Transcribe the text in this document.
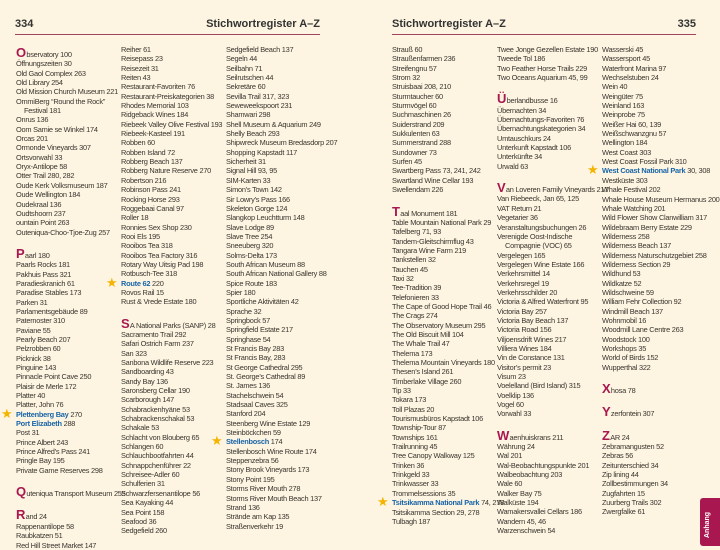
334	Stichwortregister A–Z	Stichwortregister A–Z	335
Observatory 100
Öffnungszeiten 30
Old Gaol Complex 263
Old Library 254
Old Mission Church Museum 221
OmmiBerg “Round the Rock”
Festival 181
Onrus 136
Oom Samie se Winkel 174
Orcas 201
Ormonde Vineyards 307
Ortsvorwahl 33
Oryx-Antilope 58
Otter Trail 280, 282
Oude Kerk Volksmuseum 187
Oude Wellington 184
Oudekraal 136
Oudtshoorn 237
ountain Point 263
Outeniqua-Choo-Tjoe-Zug 257
Paarl 180
Paarls Rocks 181
Pakhuis Pass 321
Paradieskranich 61
Paradise Stables 173
Parken 31
Parlamentsgebäude 89
Paternoster 310
Paviane 55
Pearly Beach 207
Pelzrobben 60
Picknick 38
Pinguine 143
Pinnacle Point Cave 250
Plaisir de Merle 172
Platter 40
Platter, John 76
★ Plettenberg Bay 270
Port Elizabeth 288
Post 31
Prince Albert 243
Prince Alfred’s Pass 241
Pringle Bay 195
Private Game Reserves 298
Quteniqua Transport Museum 255
Rand 24
Rappenantilope 58
Raubkatzen 51
Red Hill Street Market 147
Reiher 61
Reisepass 23
Reisezeit 31
Reiten 43
Restaurant-Favoriten 76
Restaurant-Preiskategorien 38
Rhodes Memorial 103
Ridgeback Wines 184
Riebeek Valley Olive Festival 193
Riebeek-Kasteel 191
Robben 60
Robben Island 72
Robberg Beach 137
Robberg Nature Reserve 270
Robertson 216
Robinson Pass 241
Rocking Horse 293
Roggebaai Canal 97
Roller 18
Ronnies Sex Shop 230
Rooi Els 195
Rooibos Tea 318
Rooibos Tea Factory 316
Rotary Way Uitsig Pad 198
Rotbusch-Tee 318
★ Route 62 220
Rovos Rail 15
Rust & Vrede Estate 180
SA National Parks (SANP) 28
Sacramento Trail 292
Safari Ostrich Farm 237
San 323
Sanbona Wildlife Reserve 223
Sandboarding 43
Sandy Bay 136
Saronsberg Cellar 190
Scarborough 147
Schabrackenhyäne 53
Schabrackenschakal 53
Schakale 53
Schlacht von Blouberg 65
Schlangen 60
Schlauchbootfahrten 44
Schnappchenführer 22
Schreisee-Adler 60
Schulferien 31
Schwarzfersenantilope 56
Sea Kayaking 44
Sea Point 158
Seafood 36
Sedgefield 260
Sedgefield Beach 137
Segeln 44
Seilbahn 71
Seilrutschen 44
Sekretäre 60
Sevilla Trail 317, 323
Seweweekspoort 231
Shamwari 298
Shell Museum & Aquarium 249
Shelly Beach 293
Shipwreck Museum Bredasdorp 207
Shopping Kapstadt 117
Sicherheit 31
Signal Hill 93, 95
SIM-Karten 33
Simon’s Town 142
Sir Lowry’s Pass 166
Skeleton Gorge 124
Slangkop Leuchtturm 148
Slave Lodge 89
Slave Tree 254
Sneeuberg 320
Solms-Delta 173
South African Museum 88
South African National Gallery 88
Spice Route 183
Spier 180
Sportliche Aktivitäten 42
Sprache 32
Springbock 57
Springfield Estate 217
Springhase 54
St Francis Bay 283
St Francis Bay, 283
St George Cathedral 295
St. George’s Cathedral 89
St. James 136
Stachelschwein 54
Stadsaal Caves 325
Stanford 204
Steenberg Wine Estate 129
Steinböckchen 59
★ Stellenbosch 174
Stellenbosch Wine Route 174
Steppenzebra 56
Stony Brook Vineyards 173
Stony Point 195
Storms River Mouth 278
Storms River Mouth Beach 137
Strand 136
Strände am Kap 135
Straßenverkehr 19
Strauß 60
Straußenfarmen 236
Streifengnu 57
Strom 32
Struisbaai 208, 210
Sturmtaucher 60
Sturmvögel 60
Suchmaschinen 26
Suiderstrand 209
Sukkulenten 63
Summerstrand 288
Sundowner 73
Surfen 45
Swartberg Pass 73, 241, 242
Swartland Wine Cellar 193
Swellendam 226
Taal Monument 181
Table Mountain National Park 29
Tafelberg 71, 93
Tandem-Gleitschirmflug 43
Tangara Wine Farm 219
Tankstellen 32
Tauchen 45
Taxi 32
Tee-Tradition 39
Telefonieren 33
The Cape of Good Hope Trail 46
The Crags 274
The Observatory Museum 295
The Old Biscuit Mill 104
The Whale Trail 47
Thelema 173
Thelema Mountain Vineyards 180
Thesen’s Island 261
Timberlake Village 260
Tip 33
Tokara 173
Toll Plazas 20
Tourismusbüros Kapstadt 106
Township-Tour 87
Townships 161
Trailrunning 45
Tree Canopy Walkway 125
Trinken 36
Trinkgeld 33
Trinkwasser 33
Trommelsessions 35
★ Tsitsikamma National Park 74, 278
Tsitsikamma Section 29, 278
Tulbagh 187
Twee Jonge Gezellen Estate 190
Tweede Tol 186
Two Feather Horse Trails 229
Two Oceans Aquarium 45, 99
Überlandbusse 16
Übernachten 34
Übernachtungs-Favoriten 76
Übernachtungskategorien 34
Umtauschkurs 24
Unterkunft Kapstadt 106
Unterkünfte 34
Urwald 63
Van Loveren Family Vineyards 217
Van Riebeeck, Jan 65, 125
VAT Return 21
Vegetarier 36
Veranstaltungsbuchungen 26
Verenigde Oost-Indische
Compagnie (VOC) 65
Vergelegen 165
Vergelegen Wine Estate 166
Verkehrsmittel 14
Verkehrsregel 19
Verkehrsschilder 20
Victoria & Alfred Waterfront 95
Victoria Bay 257
Victoria Bay Beach 137
Victoria Road 156
Viljoensdrift Wines 217
Villiera Wines 184
Vin de Constance 131
Visitor’s permit 23
Visum 23
Voelelland (Bird Island) 315
Voelklip 136
Vogel 60
Vorwahl 33
Waenhuiskrans 211
Währung 24
Wal 201
Wal-Beobachtungspunkte 201
Walbeobachtung 203
Wale 60
Walker Bay 75
Walküste 194
Wamakersvallei Cellars 186
Wandern 45, 46
Warzenschwein 54
Wasserski 45
Wassersport 45
Waterfront Marina 97
Wechselstuben 24
Wein 40
Weingüter 75
Weinland 163
Weinprobe 75
Weißer Hai 60, 139
Weißschwanzgnu 57
Wellington 184
West Coast 303
West Coast Fossil Park 310
★ West Coast National Park 30, 308
Westküste 303
Whale Festival 202
Whale House Museum Hermanus 200
Whale Watching 201
Wild Flower Show Clanwilliam 317
Wildebraam Berry Estate 229
Wilderness 258
Wilderness Beach 137
Wilderness Naturschutzgebiet 258
Wilderness Section 29
Wildhund 53
Wildkatze 52
Wildschweine 59
William Fehr Collection 92
Windmill Beach 137
Wohnmobil 16
Woodmill Lane Centre 263
Woodstock 100
Workshops 35
World of Birds 152
Wupperthal 322
Xhosa 78
Yzerfontein 307
ZAR 24
Zebramangusten 52
Zebras 56
Zeitunterschied 34
Zip lining 44
Zollbestimmungen 34
Zugfahrten 15
Zuurberg Trails 302
Zwergfalke 61	Anhang
